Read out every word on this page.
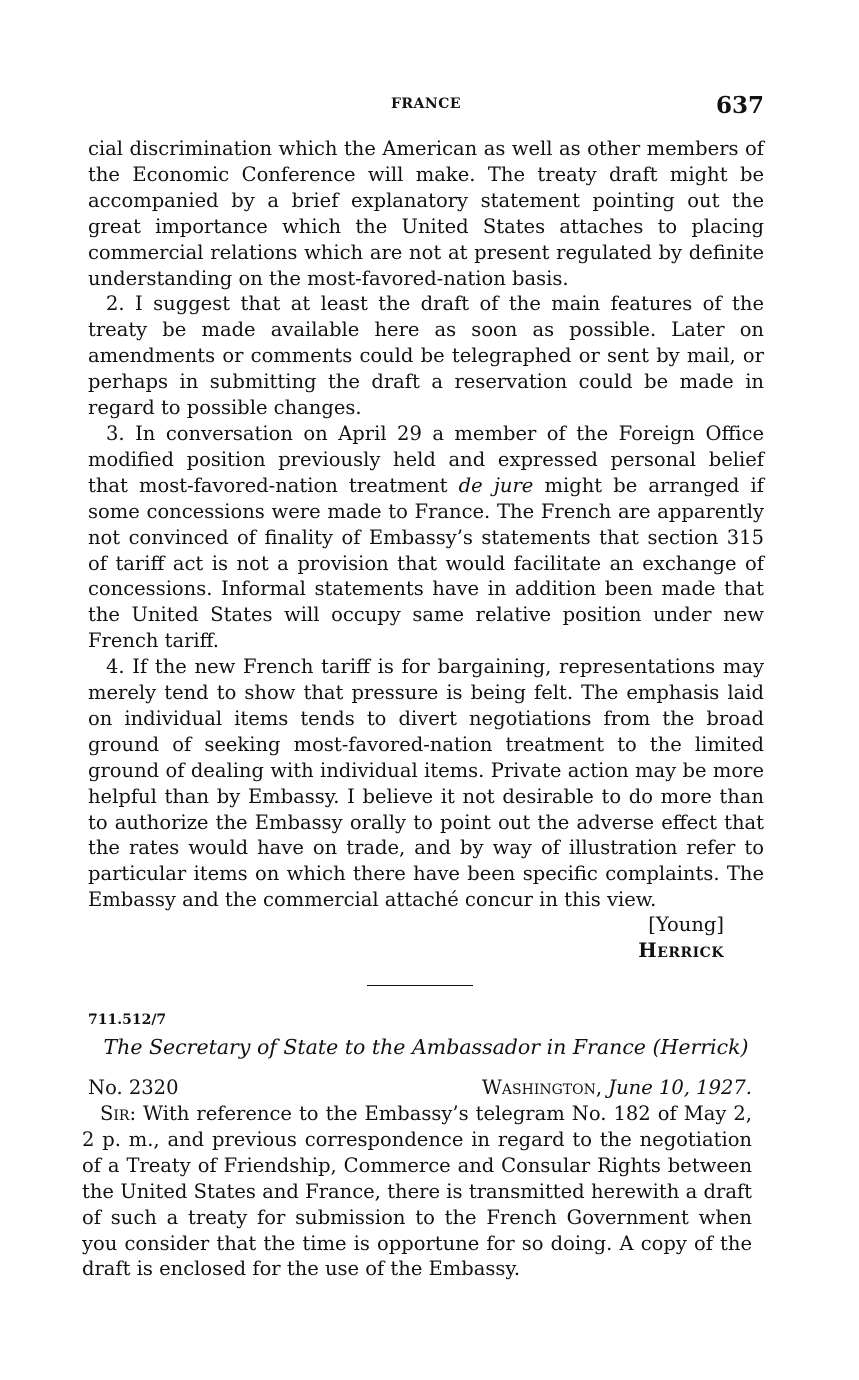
FRANCE	637

cial discrimination which the American as well as other members of the Economic Conference will make. The treaty draft might be accompanied by a brief explanatory statement pointing out the great importance which the United States attaches to placing commercial relations which are not at present regulated by definite understanding on the most-favored-nation basis.

2. I suggest that at least the draft of the main features of the treaty be made available here as soon as possible. Later on amendments or comments could be telegraphed or sent by mail, or perhaps in submitting the draft a reservation could be made in regard to possible changes.

3. In conversation on April 29 a member of the Foreign Office modified position previously held and expressed personal belief that most-favored-nation treatment de jure might be arranged if some concessions were made to France. The French are apparently not convinced of finality of Embassy’s statements that section 315 of tariff act is not a provision that would facilitate an exchange of concessions. Informal statements have in addition been made that the United States will occupy same relative position under new French tariff.

4. If the new French tariff is for bargaining, representations may merely tend to show that pressure is being felt. The emphasis laid on individual items tends to divert negotiations from the broad ground of seeking most-favored-nation treatment to the limited ground of dealing with individual items. Private action may be more helpful than by Embassy. I believe it not desirable to do more than to authorize the Embassy orally to point out the adverse effect that the rates would have on trade, and by way of illustration refer to particular items on which there have been specific complaints. The Embassy and the commercial attaché concur in this view.

[Young]
Herrick
711.512/7
The Secretary of State to the Ambassador in France (Herrick)
No. 2320	Washington, June 10, 1927.

Sir: With reference to the Embassy’s telegram No. 182 of May 2, 2 p. m., and previous correspondence in regard to the negotiation of a Treaty of Friendship, Commerce and Consular Rights between the United States and France, there is transmitted herewith a draft of such a treaty for submission to the French Government when you consider that the time is opportune for so doing. A copy of the draft is enclosed for the use of the Embassy.
